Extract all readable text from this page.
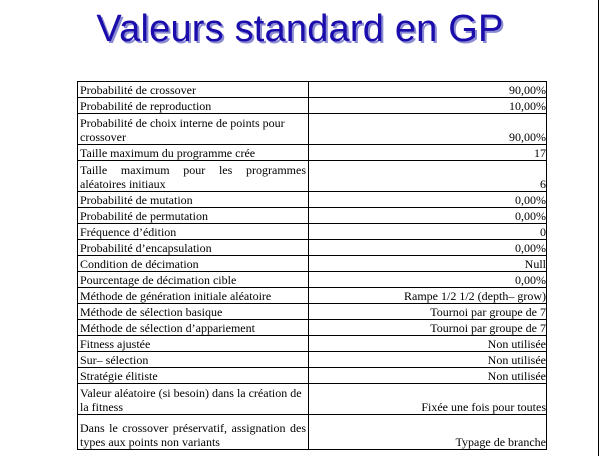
Valeurs standard en GP
Probabilité de crossover	90,00%
Probabilité de reproduction	10,00%
Probabilité de choix interne de points pour crossover	90,00%
Taille maximum du programme crée	17
Taille maximum pour les programmes aléatoires initiaux	6
Probabilité de mutation	0,00%
Probabilité de permutation	0,00%
Fréquence d’édition	0
Probabilité d’encapsulation	0,00%
Condition de décimation	Null
Pourcentage de décimation cible	0,00%
Méthode de génération initiale aléatoire	Rampe 1/2 1/2 (depth– grow)
Méthode de sélection basique	Tournoi par groupe de 7
Méthode de sélection d’appariement	Tournoi par groupe de 7
Fitness ajustée	Non utilisée
Sur– sélection	Non utilisée
Stratégie élitiste	Non utilisée
Valeur aléatoire (si besoin) dans la création de la fitness	Fixée une fois pour toutes
Dans le crossover préservatif, assignation des types aux points non variants	Typage de branche
